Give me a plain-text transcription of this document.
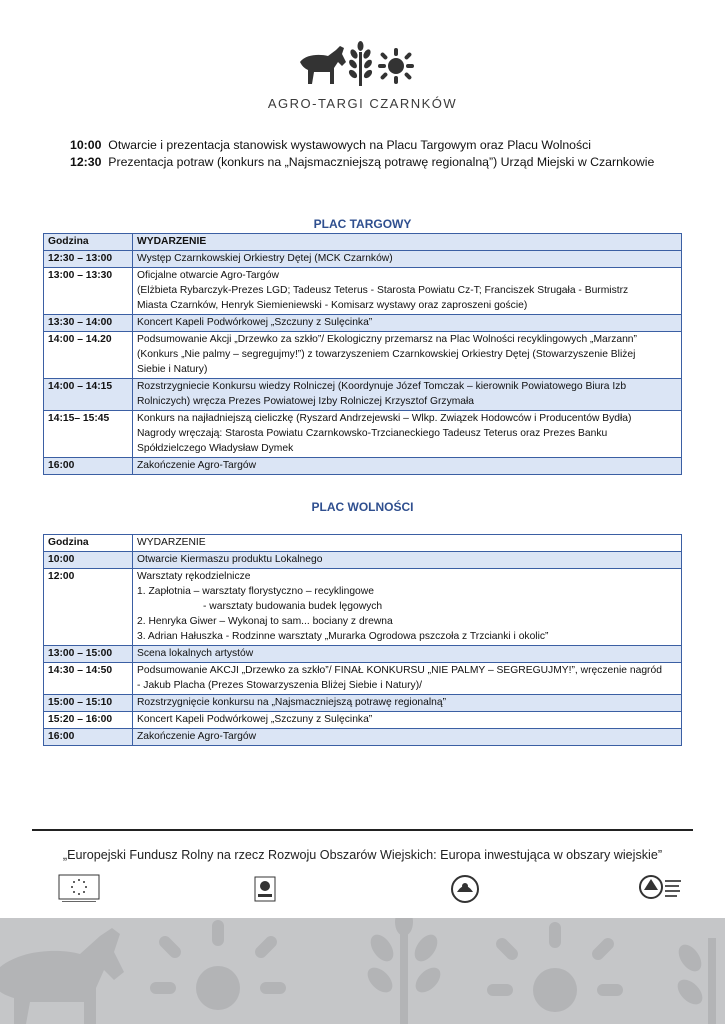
AGRO-TARGI CZARNKÓW
10:00 Otwarcie i prezentacja stanowisk wystawowych na Placu Targowym oraz Placu Wolności
12:30 Prezentacja potraw (konkurs na „Najsmaczniejszą potrawę regionalną”) Urząd Miejski w Czarnkowie
PLAC TARGOWY
Godzina	WYDARZENIE
12:30 – 13:00	Występ Czarnkowskiej Orkiestry Dętej (MCK Czarnków)

13:00 – 13:30	Oficjalne otwarcie Agro-Targów
(Elżbieta Rybarczyk-Prezes LGD; Tadeusz Teterus - Starosta Powiatu Cz-T; Franciszek Strugała - Burmistrz
Miasta Czarnków, Henryk Siemieniewski - Komisarz wystawy oraz zaproszeni goście)

13:30 – 14:00	Koncert Kapeli Podwórkowej „Szczuny z Sulęcinka”

14:00 – 14.20	Podsumowanie Akcji „Drzewko za szkło”/ Ekologiczny przemarsz na Plac Wolności recyklingowych „Marzann”
(Konkurs „Nie palmy – segregujmy!”) z towarzyszeniem Czarnkowskiej Orkiestry Dętej (Stowarzyszenie Bliżej
Siebie i Natury)

14:00 – 14:15	Rozstrzygniecie Konkursu wiedzy Rolniczej (Koordynuje Józef Tomczak – kierownik Powiatowego Biura Izb
Rolniczych) wręcza Prezes Powiatowej Izby Rolniczej Krzysztof Grzymała

14:15– 15:45	Konkurs na najładniejszą cieliczkę (Ryszard Andrzejewski – Wlkp. Związek Hodowców i Producentów Bydła)
Nagrody wręczają: Starosta Powiatu Czarnkowsko-Trzcianeckiego Tadeusz Teterus oraz Prezes Banku
Spółdzielczego Władysław Dymek

16:00	Zakończenie Agro-Targów
PLAC WOLNOŚCI
Godzina	WYDARZENIE
10:00	Otwarcie Kiermaszu produktu Lokalnego

12:00	Warsztaty rękodzielnicze
1. Zapłotnia – warsztaty florystyczno – recyklingowe
- warsztaty budowania budek lęgowych
2. Henryka Giwer – Wykonaj to sam... bociany z drewna
3. Adrian Hałuszka - Rodzinne warsztaty „Murarka Ogrodowa pszczoła z Trzcianki i okolic”

13:00 – 15:00	Scena lokalnych artystów

14:30 – 14:50	Podsumowanie AKCJI „Drzewko za szkło”/ FINAŁ KONKURSU „NIE PALMY – SEGREGUJMY!”, wręczenie nagród
- Jakub Placha (Prezes Stowarzyszenia Bliżej Siebie i Natury)/

15:00 – 15:10	Rozstrzygnięcie konkursu na „Najsmaczniejszą potrawę regionalną”

15:20 – 16:00	Koncert Kapeli Podwórkowej „Szczuny z Sulęcinka”

16:00	Zakończenie Agro-Targów
„Europejski Fundusz Rolny na rzecz Rozwoju Obszarów Wiejskich: Europa inwestująca w obszary wiejskie”
